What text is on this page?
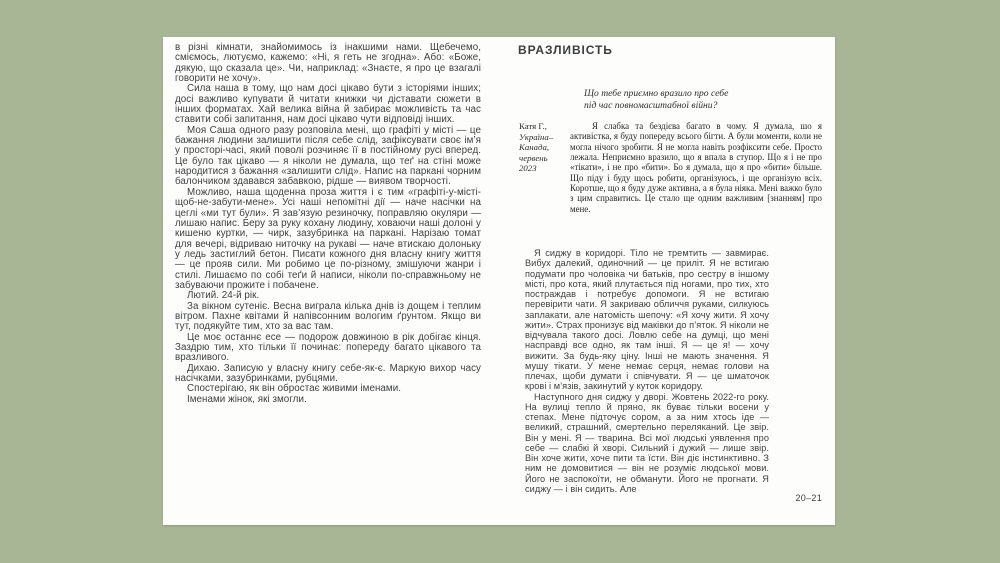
в різні кімнати, знайомимось із інакшими нами. Щебечемо, сміємось, лютуємо, кажемо: «Ні, я геть не згодна». Або: «Боже, дякую, що сказала це». Чи, наприклад: «Знаєте, я про це взагалі говорити не хочу».

Сила наша в тому, що нам досі цікаво бути з історіями інших; досі важливо купувати й читати книжки чи діставати сюжети в інших форматах. Хай велика війна й забирає можливість та час ставити собі запитання, нам досі цікаво чути відповіді інших.

Моя Саша одного разу розповіла мені, що графіті у місті — це бажання людини залишити після себе слід, зафіксувати своє ім’я у просторі-часі, який поволі розчиняє її в постійному русі вперед. Це було так цікаво — я ніколи не думала, що теґ на стіні може народитися з бажання «залишити слід». Напис на паркані чорним балончиком здавався забавкою, рідше — виявом творчості.

Можливо, наша щоденна проза життя і є тим «графіті-у-місті-щоб-не-забути-мене». Усі наші непомітні дії — наче насічки на цеглі «ми тут були». Я зав’язую резиночку, поправляю окуляри — лишаю напис. Беру за руку кохану людину, ховаючи наші долоні у кишеню куртки, — чирк, зазубринка на паркані. Нарізаю томат для вечері, відриваю ниточку на рукаві — наче втискаю долоньку у ледь застиглий бетон. Писати кожного дня власну книгу життя — це прояв сили. Ми робимо це по-різному, змішуючи жанри і стилі. Лишаємо по собі теґи й написи, ніколи по-справжньому не забуваючи прожите і побачене.

Лютий. 24-й рік.

За вікном сутеніє. Весна виграла кілька днів із дощем і теплим вітром. Пахне квітами й напівсонним вологим ґрунтом. Якщо ви тут, подякуйте тим, хто за вас там.

Це моє останнє есе — подорож довжиною в рік добігає кінця. Заздрю тим, хто тільки її починає: попереду багато цікавого та вразливого.

Дихаю. Записую у власну книгу себе-як-є. Маркую вихор часу насічками, зазубринками, рубцями.

Спостерігаю, як він обростає живими іменами.

Іменами жінок, які змогли.

ВРАЗЛИВІСТЬ
Що тебе приємно вразило про себе
під час повномасштабної війни?
Катя Г.,

Україна–

Канада,

червень

2023

Я слабка та бездієва багато в чому. Я думала, шо я активістка, я буду попереду всього бігти. А були моменти, коли не могла нічого зробити. Я не могла навіть розфіксити себе. Просто лежала. Неприємно вразило, що я впала в ступор. Що я і не про «тікати», і не про «бити». Бо я думала, що я про «бити» більше. Що піду і буду щось робити, організуюсь, і ще організую всіх. Коротше, що я буду дуже активна, а я була ніяка. Мені важко було з цим справитись. Це стало ще одним важливим [знанням] про мене.

Я сиджу в коридорі. Тіло не тремтить — завмирає. Вибух далекий, одиночний — це приліт. Я не встигаю подумати про чоловіка чи батьків, про сестру в іншому місті, про кота, який плутається під ногами, про тих, хто постраждав і потребує допомоги. Я не встигаю перевірити чати. Я закриваю обличчя руками, силкуюсь заплакати, але натомість шепочу: «Я хочу жити. Я хочу жити». Страх пронизує від маківки до п’яток. Я ніколи не відчувала такого досі. Ловлю себе на думці, що мені насправді все одно, як там інші. Я — це я! — хочу вижити. За будь-яку ціну. Інші не мають значення. Я мушу тікати. У мене немає серця, немає голови на плечах, щоби думати і співчувати. Я — це шматочок крові і м’язів, закинутий у куток коридору.

Наступного дня сиджу у дворі. Жовтень 2022-го року. На вулиці тепло й пряно, як буває тільки восени у степах. Мене підточує сором, а за ним хтось іде — великий, страшний, смертельно переляканий. Це звір. Він у мені. Я — тварина. Всі мої людські уявлення про себе — слабкі й хворі. Сильний і дужий — лише звір. Він хоче жити, хоче пити та їсти. Він діє інстинктивно. З ним не домовитися — він не розуміє людської мови. Його не заспокоїти, не обманути. Його не прогнати. Я сиджу — і він сидить. Але

20–21
